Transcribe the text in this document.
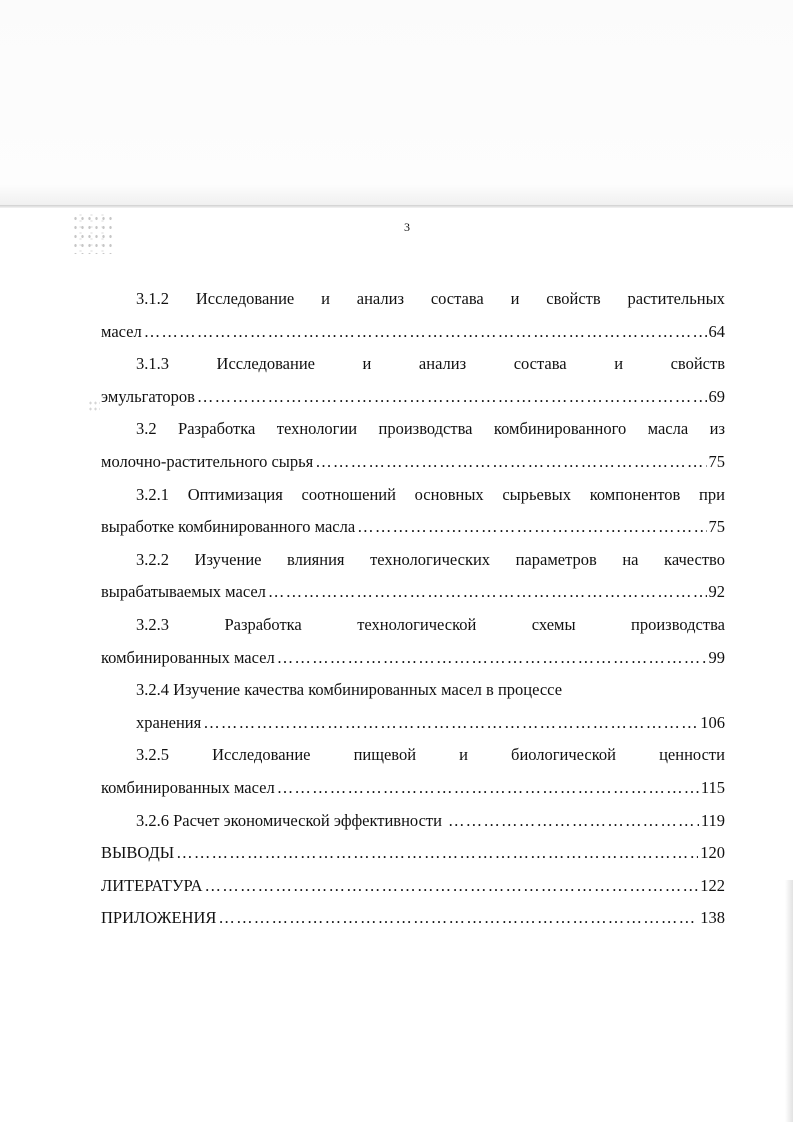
3
3.1.2 Исследование и анализ состава и свойств растительных
масел ………………………………………………………………………………………………………………………………………………	64
3.1.3	Исследование	и	анализ	состава	и	свойств
эмульгаторов ………………………………………………………………………………………………………………………………………………	69
3.2 Разработка технологии производства комбинированного масла из
молочно-растительного сырья ………………………………………………………………………………………………………………………………………………	75
3.2.1 Оптимизация соотношений основных сырьевых компонентов при
выработке комбинированного масла ………………………………………………………………………………………………………………………………………………	75
3.2.2 Изучение влияния технологических параметров на качество
вырабатываемых масел ………………………………………………………………………………………………………………………………………………	92
3.2.3	Разработка	технологической	схемы	производства
комбинированных масел ………………………………………………………………………………………………………………………………………………	99
3.2.4 Изучение качества комбинированных масел в процессе
хранения ………………………………………………………………………………………………………………………………………………	106
3.2.5	Исследование	пищевой	и	биологической	ценности
комбинированных масел ………………………………………………………………………………………………………………………………………………	115
3.2.6 Расчет экономической эффективности ………………………………………………………………………………………………………………………………………………	119
ВЫВОДЫ ………………………………………………………………………………………………………………………………………………	120
ЛИТЕРАТУРА ………………………………………………………………………………………………………………………………………………	122
ПРИЛОЖЕНИЯ ………………………………………………………………………………………………………………………………………………	138
